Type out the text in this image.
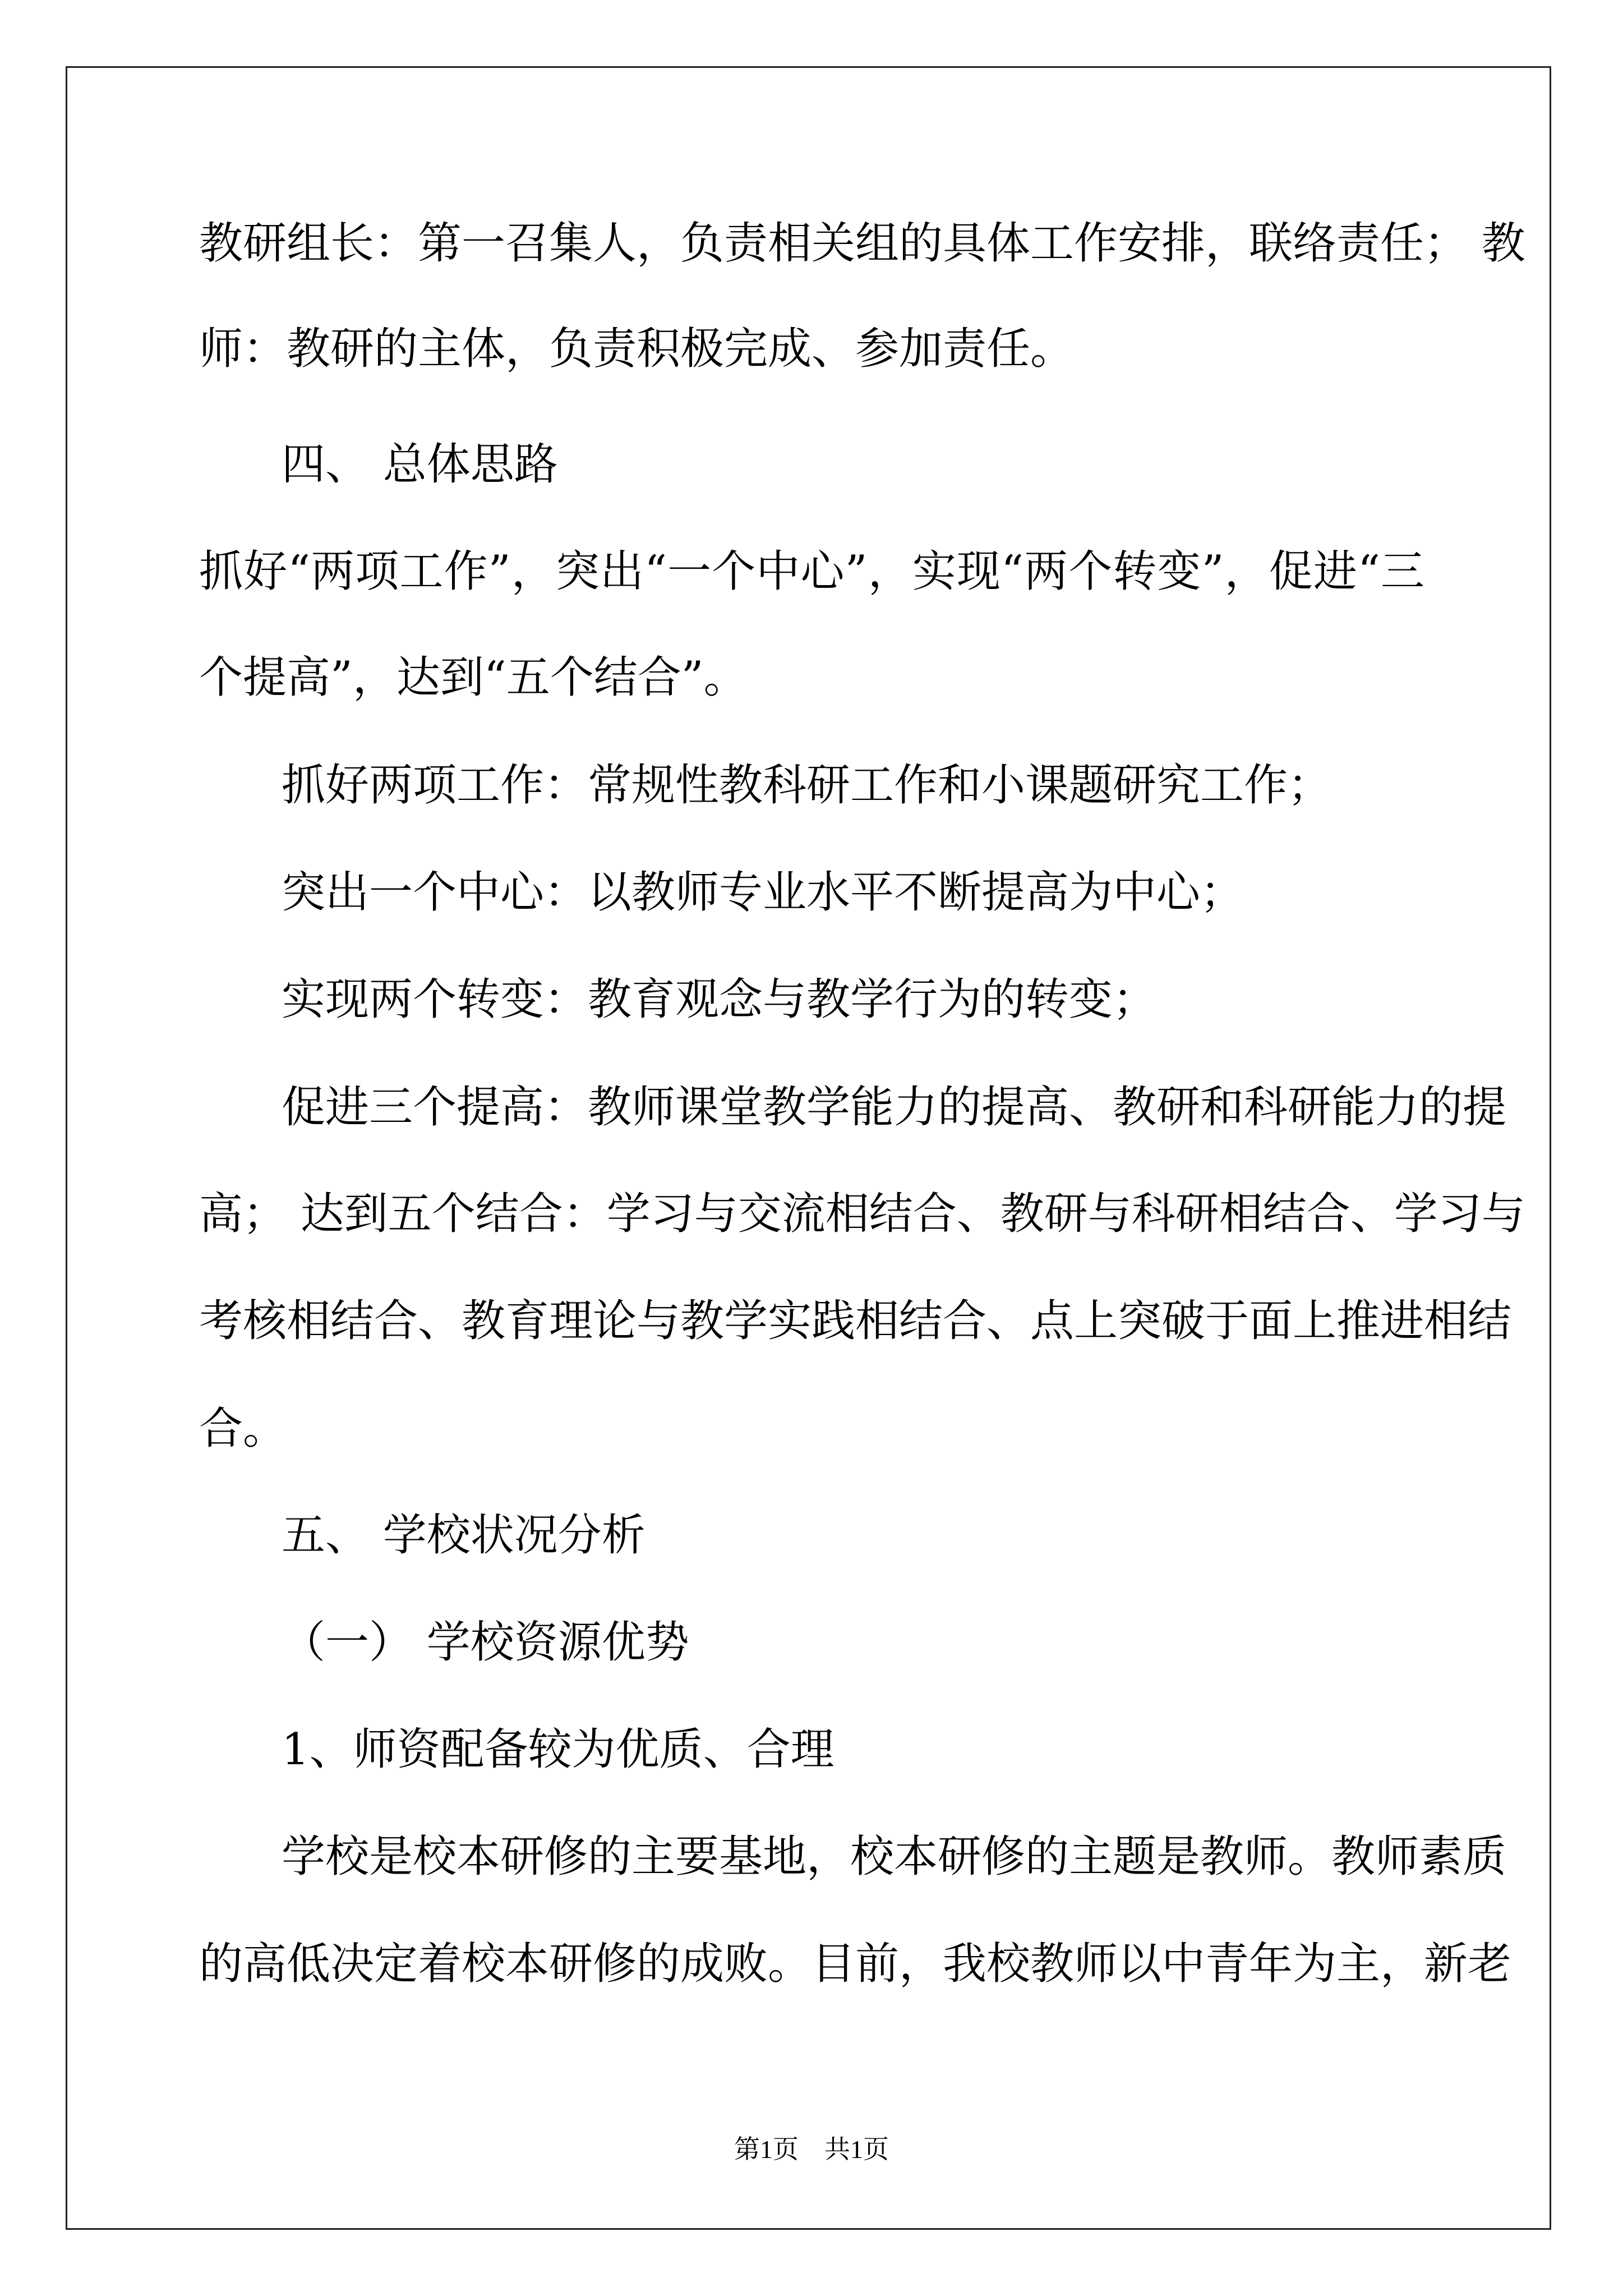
教研组长：第一召集人，负责相关组的具体工作安排，联络责任； 教
师：教研的主体，负责积极完成、参加责任。
四、 总体思路
抓好“两项工作”，突出“一个中心”，实现“两个转变”，促进“三
个提高”，达到“五个结合”。
抓好两项工作：常规性教科研工作和小课题研究工作；
突出一个中心：以教师专业水平不断提高为中心；
实现两个转变：教育观念与教学行为的转变；
促进三个提高：教师课堂教学能力的提高、教研和科研能力的提
高； 达到五个结合：学习与交流相结合、教研与科研相结合、学习与
考核相结合、教育理论与教学实践相结合、点上突破于面上推进相结
合。
五、 学校状况分析
（一） 学校资源优势
1、师资配备较为优质、合理
学校是校本研修的主要基地，校本研修的主题是教师。教师素质
的高低决定着校本研修的成败。目前，我校教师以中青年为主，新老
第1页　共1页
